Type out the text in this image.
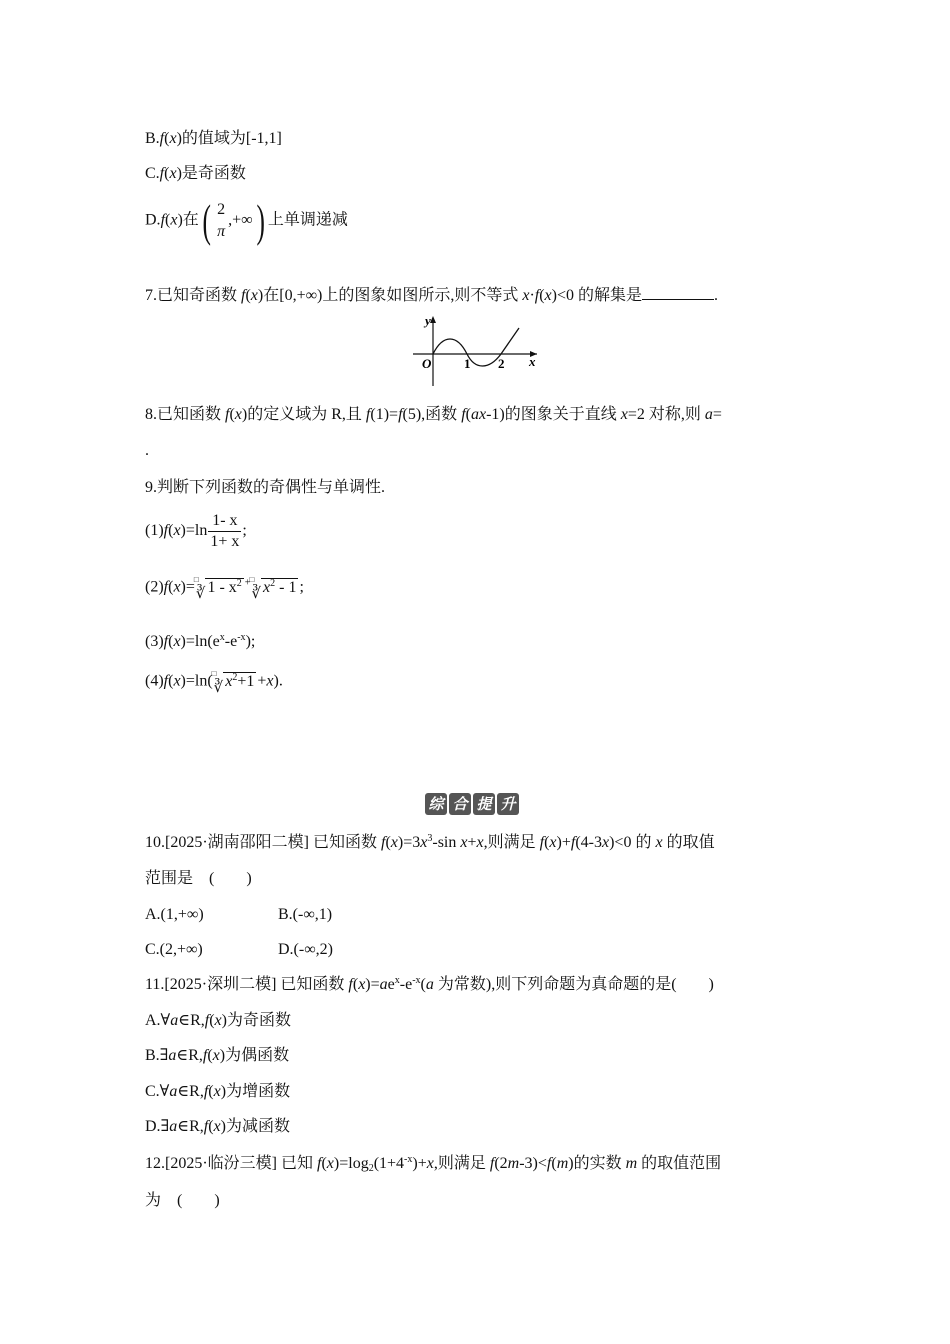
B.f(x)的值域为[-1,1]
C.f(x)是奇函数
D.f(x)在( 2
π
,+∞) 上单调递减
7.已知奇函数 f(x)在[0,+∞)上的图象如图所示,则不等式 x·f(x)<0 的解集是	.
y
x
O	1 2
8.已知函数 f(x)的定义域为 R,且 f(1)=f(5),函数 f(ax-1)的图象关于直线 x=2 对称,则 a=
.
9.判断下列函数的奇偶性与单调性.
$(1)f(x)=\ln \frac{1- x}{1+ x}$ ;
(2)f(x)= □
∛ $1 - x^2$ + □
∛ $x^2 - 1$ ;
$(3)f(x)=\ln(e^x-e^{-x})$;
(4)f(x)=ln( □
∛ $x^2+1 +x$).
综 合 提 升
10.[2025·湖南邵阳二模] 已知函数 $f(x)=3x^3-\sin$ x+x,则满足 f(x)+f(4-3x)<0 的 x 的取值
范围是　(　　)
A.(1,+∞)	B.(-∞,1)
C.(2,+∞)	D.(-∞,2)
11.[2025·深圳二模] 已知函数 $f(x)=ae^x-e^{-x}(a$ 为常数),则下列命题为真命题的是(　　)
A.∀a∈R,f(x)为奇函数
B.∃a∈R,f(x)为偶函数
C.∀a∈R,f(x)为增函数
D.∃a∈R,f(x)为减函数
12.[2025·临汾三模] 已知 $f(x)=\log_2(1+4^{-x})+x$,则满足 f(2m-3)<f(m)的实数 m 的取值范围
为　(　　)
